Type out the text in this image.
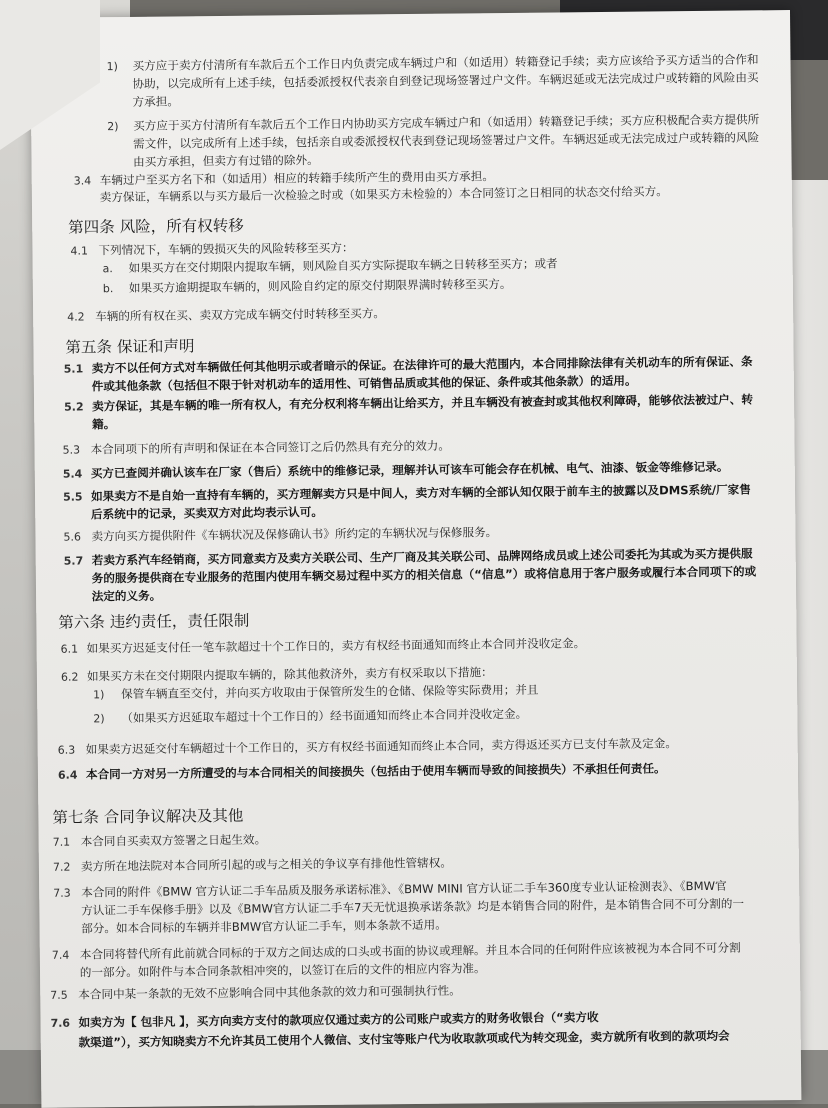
1) 买方应于卖方付清所有车款后五个工作日内负责完成车辆过户和（如适用）转籍登记手续；卖方应该给予买方适当的合作和
协助，以完成所有上述手续，包括委派授权代表亲自到登记现场签署过户文件。车辆迟延或无法完成过户或转籍的风险由买
方承担。
2) 买方应于买方付清所有车款后五个工作日内协助买方完成车辆过户和（如适用）转籍登记手续；买方应积极配合卖方提供所
需文件，以完成所有上述手续，包括亲自或委派授权代表到登记现场签署过户文件。车辆迟延或无法完成过户或转籍的风险
由买方承担，但卖方有过错的除外。
3.4 车辆过户至买方名下和（如适用）相应的转籍手续所产生的费用由买方承担。
卖方保证，车辆系以与买方最后一次检验之时或（如果买方未检验的）本合同签订之日相同的状态交付给买方。
第四条 风险，所有权转移
4.1 下列情况下，车辆的毁损灭失的风险转移至买方：
a. 如果买方在交付期限内提取车辆，则风险自买方实际提取车辆之日转移至买方；或者
b. 如果买方逾期提取车辆的，则风险自约定的原交付期限界满时转移至买方。
4.2 车辆的所有权在买、卖双方完成车辆交付时转移至买方。
第五条 保证和声明
5.1 卖方不以任何方式对车辆做任何其他明示或者暗示的保证。在法律许可的最大范围内，本合同排除法律有关机动车的所有保证、条
件或其他条款（包括但不限于针对机动车的适用性、可销售品质或其他的保证、条件或其他条款）的适用。
5.2 卖方保证，其是车辆的唯一所有权人，有充分权利将车辆出让给买方，并且车辆没有被查封或其他权利障碍，能够依法被过户、转
籍。
5.3 本合同项下的所有声明和保证在本合同签订之后仍然具有充分的效力。
5.4 买方已查阅并确认该车在厂家（售后）系统中的维修记录，理解并认可该车可能会存在机械、电气、油漆、钣金等维修记录。
5.5 如果卖方不是自始一直持有车辆的，买方理解卖方只是中间人，卖方对车辆的全部认知仅限于前车主的披露以及DMS系统/厂家售
后系统中的记录，买卖双方对此均表示认可。
5.6 卖方向买方提供附件《车辆状况及保修确认书》所约定的车辆状况与保修服务。
5.7 若卖方系汽车经销商，买方同意卖方及卖方关联公司、生产厂商及其关联公司、品牌网络成员或上述公司委托为其或为买方提供服
务的服务提供商在专业服务的范围内使用车辆交易过程中买方的相关信息（“信息”）或将信息用于客户服务或履行本合同项下的或
法定的义务。
第六条 违约责任，责任限制
6.1 如果买方迟延支付任一笔车款超过十个工作日的，卖方有权经书面通知而终止本合同并没收定金。
6.2 如果买方未在交付期限内提取车辆的，除其他救济外，卖方有权采取以下措施：
1) 保管车辆直至交付，并向买方收取由于保管所发生的仓储、保险等实际费用；并且
2) （如果买方迟延取车超过十个工作日的）经书面通知而终止本合同并没收定金。
6.3 如果卖方迟延交付车辆超过十个工作日的，买方有权经书面通知而终止本合同，卖方得返还买方已支付车款及定金。
6.4 本合同一方对另一方所遭受的与本合同相关的间接损失（包括由于使用车辆而导致的间接损失）不承担任何责任。
第七条 合同争议解决及其他
7.1 本合同自买卖双方签署之日起生效。
7.2 卖方所在地法院对本合同所引起的或与之相关的争议享有排他性管辖权。
7.3 本合同的附件《BMW 官方认证二手车品质及服务承诺标准》、《BMW MINI 官方认证二手车360度专业认证检测表》、《BMW官
方认证二手车保修手册》以及《BMW官方认证二手车7天无忧退换承诺条款》均是本销售合同的附件，是本销售合同不可分割的一
部分。如本合同标的车辆并非BMW官方认证二手车，则本条款不适用。
7.4 本合同将替代所有此前就合同标的于双方之间达成的口头或书面的协议或理解。并且本合同的任何附件应该被视为本合同不可分割
的一部分。如附件与本合同条款相冲突的，以签订在后的文件的相应内容为准。
7.5 本合同中某一条款的无效不应影响合同中其他条款的效力和可强制执行性。
7.6 如卖方为【 包非凡 】，买方向卖方支付的款项应仅通过卖方的公司账户或卖方的财务收银台（“卖方收
款渠道”），买方知晓卖方不允许其员工使用个人微信、支付宝等账户代为收取款项或代为转交现金，卖方就所有收到的款项均会
